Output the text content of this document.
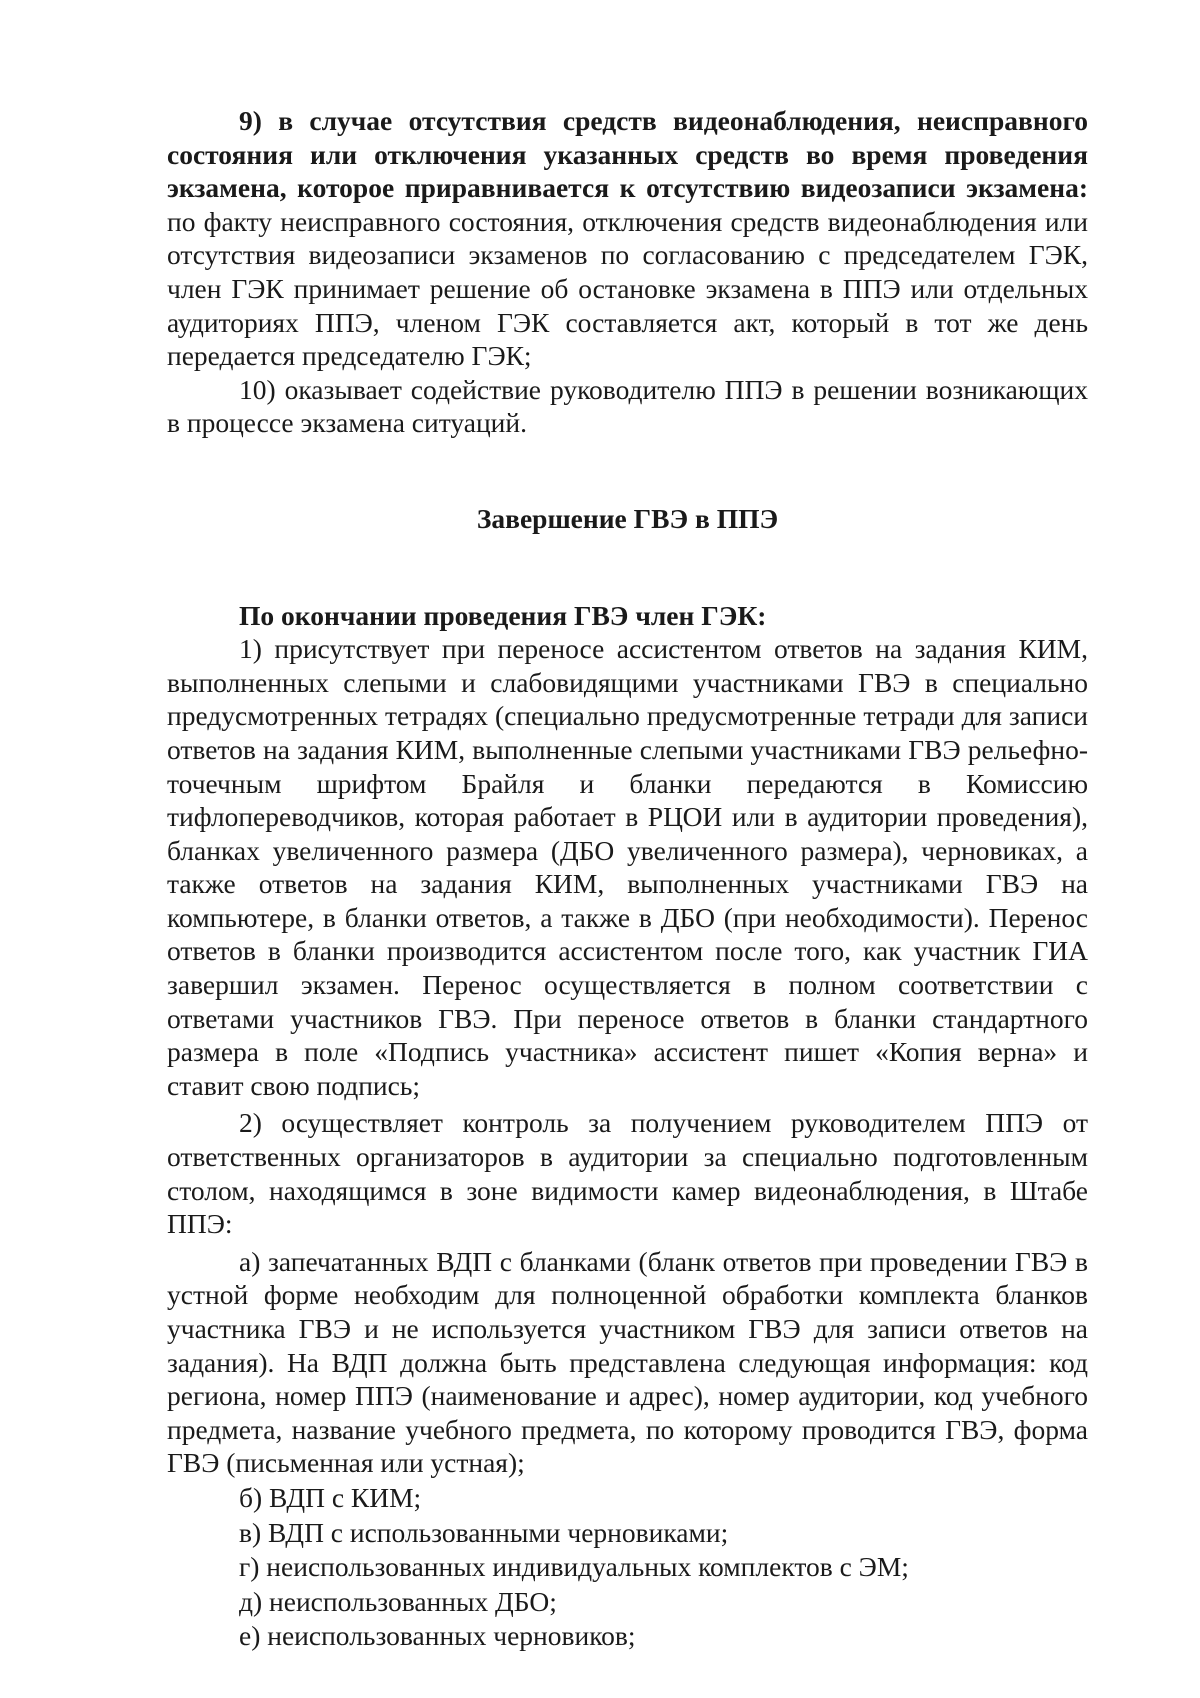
9) в случае отсутствия средств видеонаблюдения, неисправного состояния или отключения указанных средств во время проведения экзамена, которое приравнивается к отсутствию видеозаписи экзамена: по факту неисправного состояния, отключения средств видеонаблюдения или отсутствия видеозаписи экзаменов по согласованию с председателем ГЭК, член ГЭК принимает решение об остановке экзамена в ППЭ или отдельных аудиториях ППЭ, членом ГЭК составляется акт, который в тот же день передается председателю ГЭК;

10) оказывает содействие руководителю ППЭ в решении возникающих в процессе экзамена ситуаций.

Завершение ГВЭ в ППЭ

По окончании проведения ГВЭ член ГЭК:

1) присутствует при переносе ассистентом ответов на задания КИМ, выполненных слепыми и слабовидящими участниками ГВЭ в специально предусмотренных тетрадях (специально предусмотренные тетради для записи ответов на задания КИМ, выполненные слепыми участниками ГВЭ рельефно-точечным шрифтом Брайля и бланки передаются в Комиссию тифлопереводчиков, которая работает в РЦОИ или в аудитории проведения), бланках увеличенного размера (ДБО увеличенного размера), черновиках, а также ответов на задания КИМ, выполненных участниками ГВЭ на компьютере, в бланки ответов, а также в ДБО (при необходимости). Перенос ответов в бланки производится ассистентом после того, как участник ГИА завершил экзамен. Перенос осуществляется в полном соответствии с ответами участников ГВЭ. При переносе ответов в бланки стандартного размера в поле «Подпись участника» ассистент пишет «Копия верна» и ставит свою подпись;

2) осуществляет контроль за получением руководителем ППЭ от ответственных организаторов в аудитории за специально подготовленным столом, находящимся в зоне видимости камер видеонаблюдения, в Штабе ППЭ:

а) запечатанных ВДП с бланками (бланк ответов при проведении ГВЭ в устной форме необходим для полноценной обработки комплекта бланков участника ГВЭ и не используется участником ГВЭ для записи ответов на задания). На ВДП должна быть представлена следующая информация: код региона, номер ППЭ (наименование и адрес), номер аудитории, код учебного предмета, название учебного предмета, по которому проводится ГВЭ, форма ГВЭ (письменная или устная);

б) ВДП с КИМ;

в) ВДП с использованными черновиками;

г) неиспользованных индивидуальных комплектов с ЭМ;

д) неиспользованных ДБО;

е) неиспользованных черновиков;
